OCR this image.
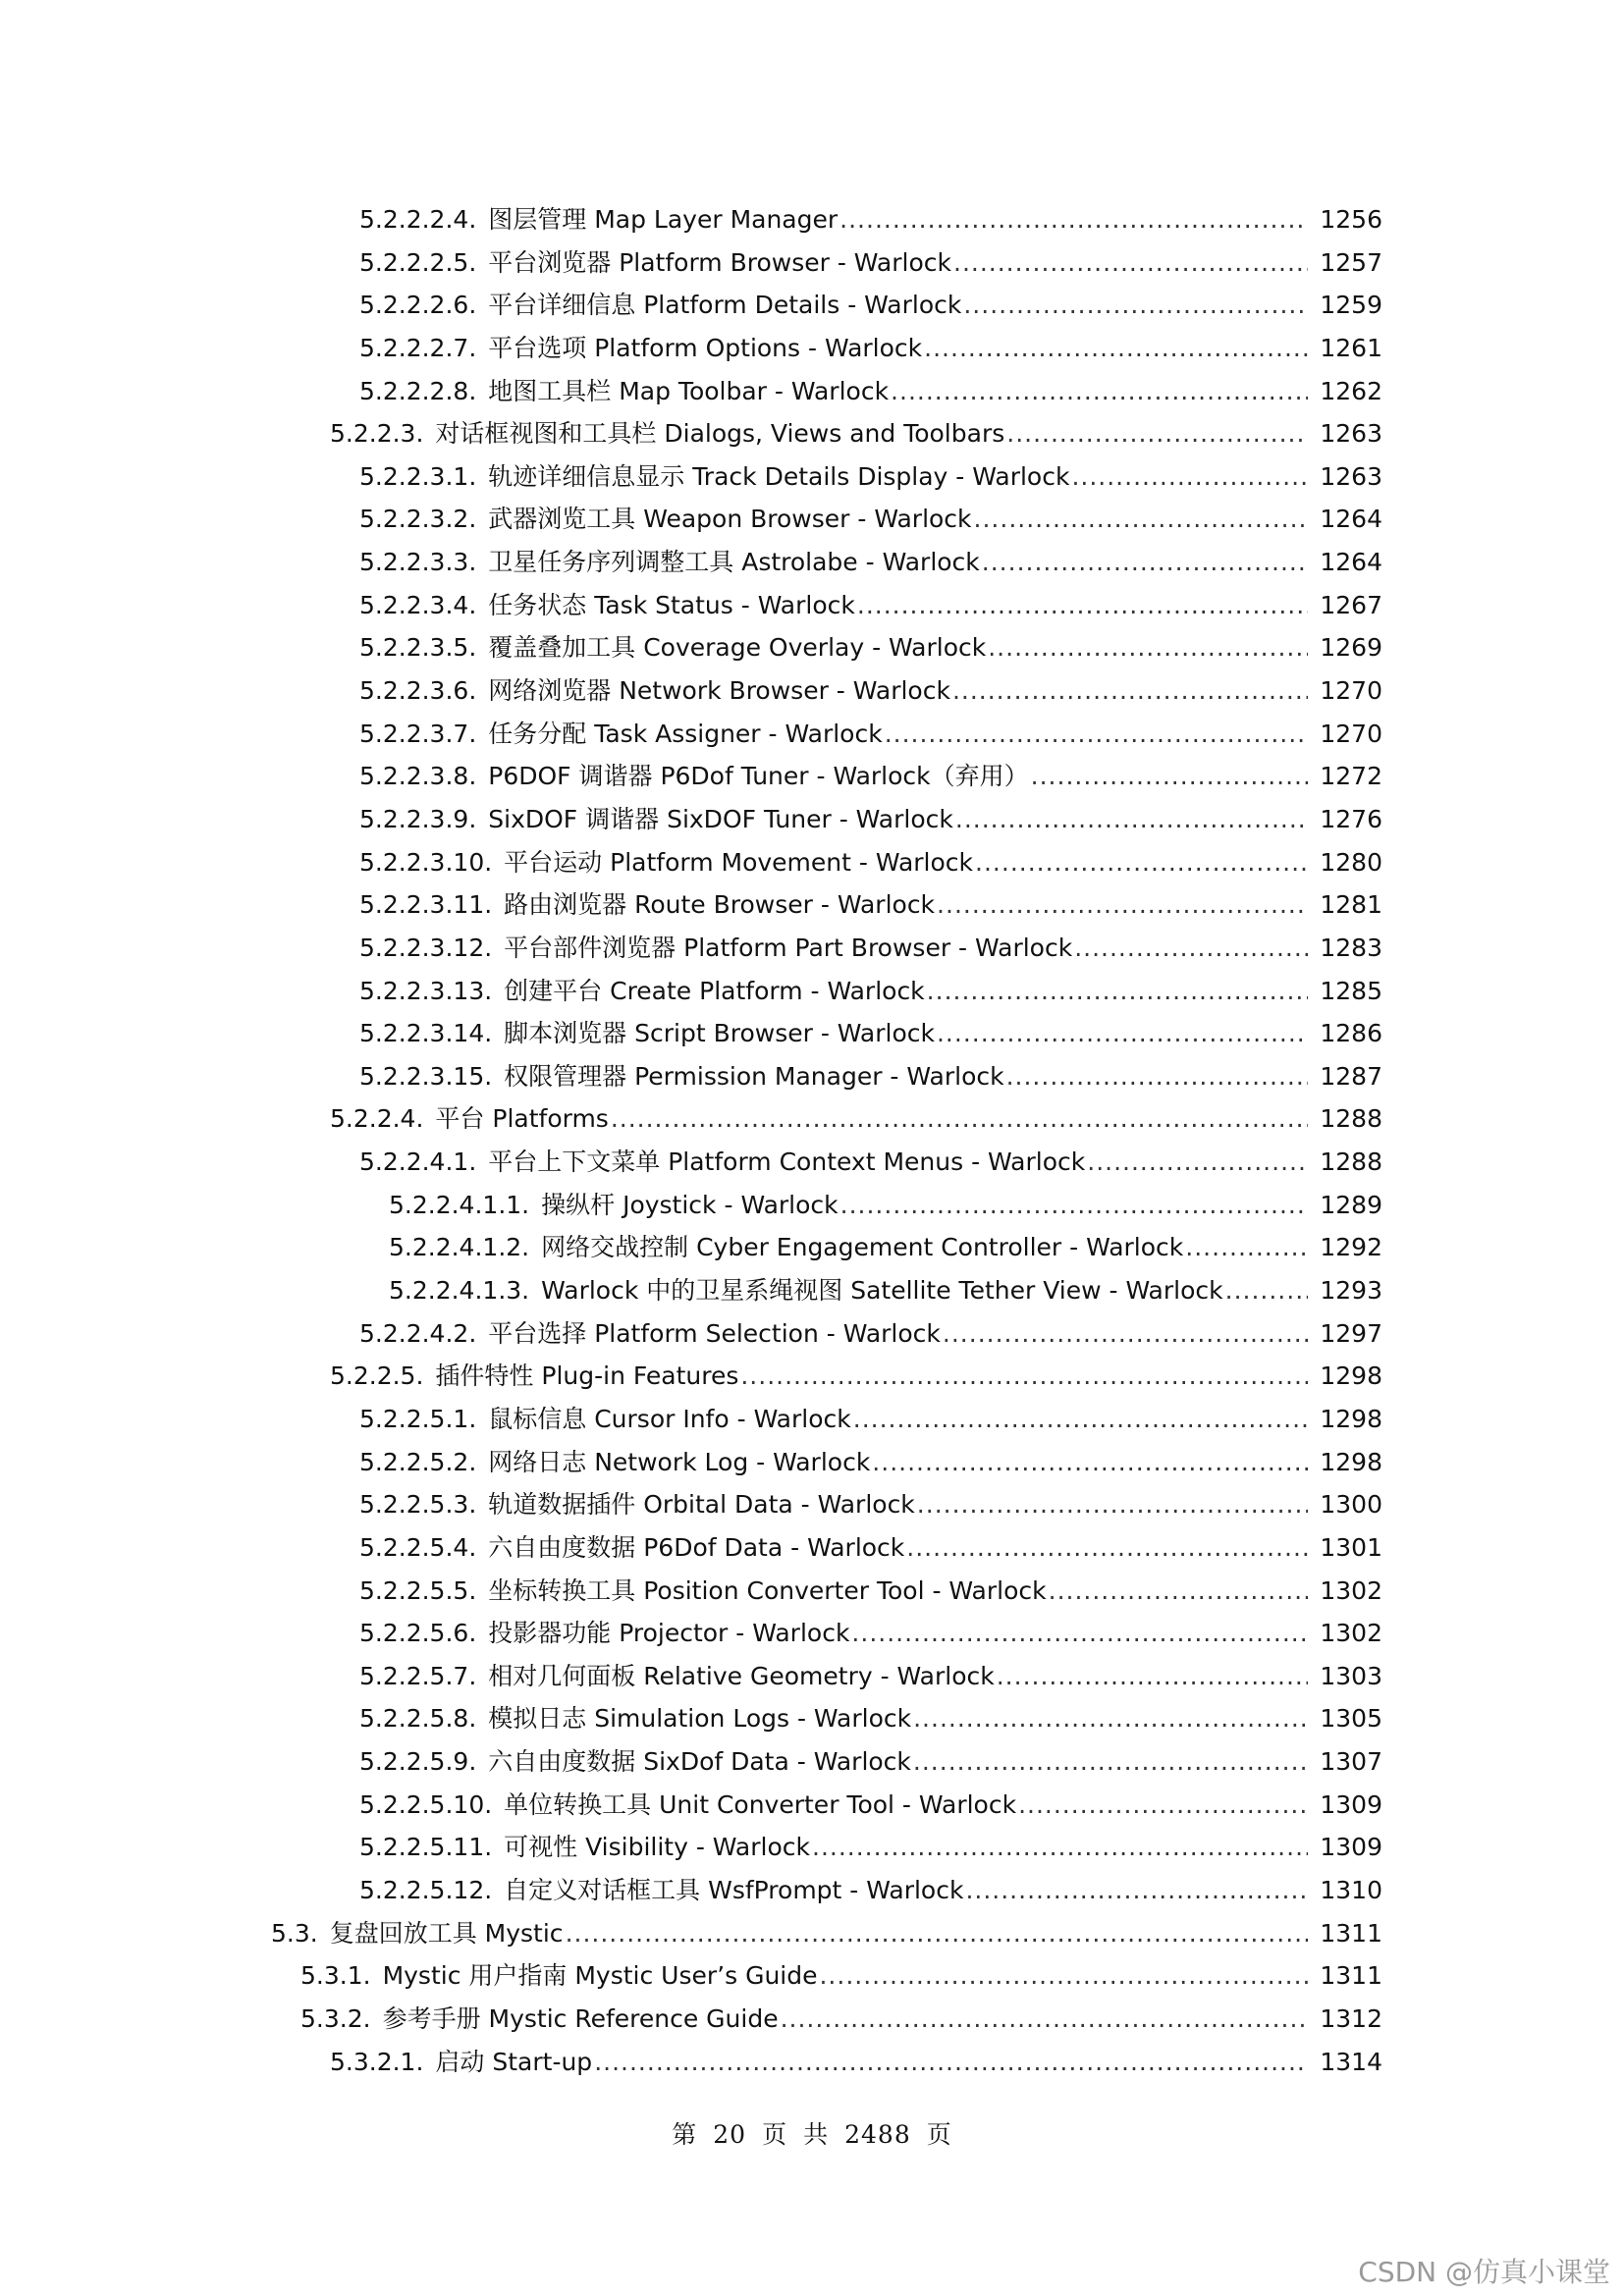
5.2.2.2.4. 图层管理 Map Layer Manager .....	1256
5.2.2.2.5. 平台浏览器 Platform Browser - Warlock .....	1257
5.2.2.2.6. 平台详细信息 Platform Details - Warlock .....	1259
5.2.2.2.7. 平台选项 Platform Options - Warlock .....	1261
5.2.2.2.8. 地图工具栏 Map Toolbar - Warlock .....	1262
5.2.2.3. 对话框视图和工具栏 Dialogs, Views and Toolbars .....	1263
5.2.2.3.1. 轨迹详细信息显示 Track Details Display - Warlock .....	1263
5.2.2.3.2. 武器浏览工具 Weapon Browser - Warlock .....	1264
5.2.2.3.3. 卫星任务序列调整工具 Astrolabe - Warlock .....	1264
5.2.2.3.4. 任务状态 Task Status - Warlock .....	1267
5.2.2.3.5. 覆盖叠加工具 Coverage Overlay - Warlock .....	1269
5.2.2.3.6. 网络浏览器 Network Browser - Warlock .....	1270
5.2.2.3.7. 任务分配 Task Assigner - Warlock .....	1270
5.2.2.3.8. P6DOF 调谐器 P6Dof Tuner - Warlock（弃用） .....	1272
5.2.2.3.9. SixDOF 调谐器 SixDOF Tuner - Warlock .....	1276
5.2.2.3.10. 平台运动 Platform Movement - Warlock .....	1280
5.2.2.3.11. 路由浏览器 Route Browser - Warlock .....	1281
5.2.2.3.12. 平台部件浏览器 Platform Part Browser - Warlock .....	1283
5.2.2.3.13. 创建平台 Create Platform - Warlock .....	1285
5.2.2.3.14. 脚本浏览器 Script Browser - Warlock .....	1286
5.2.2.3.15. 权限管理器 Permission Manager - Warlock .....	1287
5.2.2.4. 平台 Platforms .....	1288
5.2.2.4.1. 平台上下文菜单 Platform Context Menus - Warlock .....	1288
5.2.2.4.1.1. 操纵杆 Joystick - Warlock .....	1289
5.2.2.4.1.2. 网络交战控制 Cyber Engagement Controller - Warlock .....	1292
5.2.2.4.1.3. Warlock 中的卫星系绳视图 Satellite Tether View - Warlock .....	1293
5.2.2.4.2. 平台选择 Platform Selection - Warlock .....	1297
5.2.2.5. 插件特性 Plug-in Features .....	1298
5.2.2.5.1. 鼠标信息 Cursor Info - Warlock .....	1298
5.2.2.5.2. 网络日志 Network Log - Warlock .....	1298
5.2.2.5.3. 轨道数据插件 Orbital Data - Warlock .....	1300
5.2.2.5.4. 六自由度数据 P6Dof Data - Warlock .....	1301
5.2.2.5.5. 坐标转换工具 Position Converter Tool - Warlock .....	1302
5.2.2.5.6. 投影器功能 Projector - Warlock .....	1302
5.2.2.5.7. 相对几何面板 Relative Geometry - Warlock .....	1303
5.2.2.5.8. 模拟日志 Simulation Logs - Warlock .....	1305
5.2.2.5.9. 六自由度数据 SixDof Data - Warlock .....	1307
5.2.2.5.10. 单位转换工具 Unit Converter Tool - Warlock .....	1309
5.2.2.5.11. 可视性 Visibility - Warlock .....	1309
5.2.2.5.12. 自定义对话框工具 WsfPrompt - Warlock .....	1310
5.3. 复盘回放工具 Mystic .....	1311
5.3.1. Mystic 用户指南 Mystic User’s Guide .....	1311
5.3.2. 参考手册 Mystic Reference Guide .....	1312
5.3.2.1. 启动 Start-up .....	1314
第 20 页 共 2488 页
CSDN @仿真小课堂
